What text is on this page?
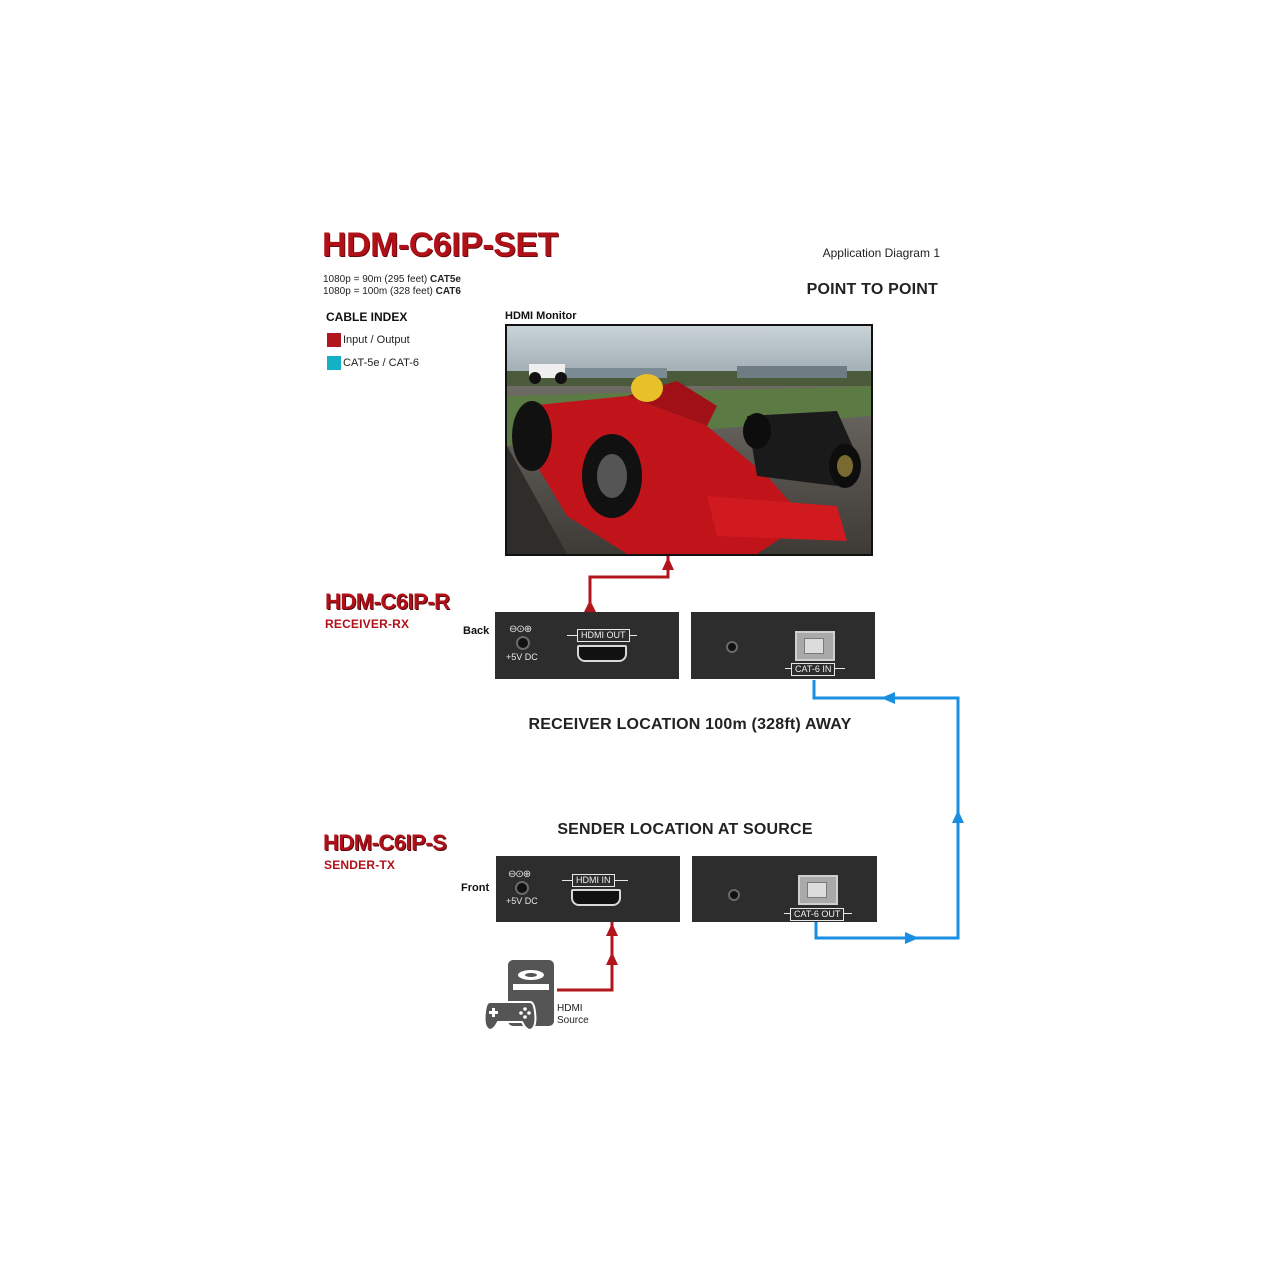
HDM-C6IP-SET
1080p = 90m (295 feet) CAT5e
1080p = 100m (328 feet) CAT6
Application Diagram 1
POINT TO POINT
CABLE INDEX
Input / Output
CAT-5e / CAT-6
HDMI Monitor
HDM-C6IP-R
RECEIVER-RX	Back ⊖⊙⊕
+5V DC
HDMI OUT
CAT-6 IN
RECEIVER LOCATION 100m (328ft) AWAY
SENDER LOCATION AT SOURCE
HDM-C6IP-S
SENDER-TX
Front
⊖⊙⊕
+5V DC
HDMI IN
CAT-6 OUT
HDMI
Source
